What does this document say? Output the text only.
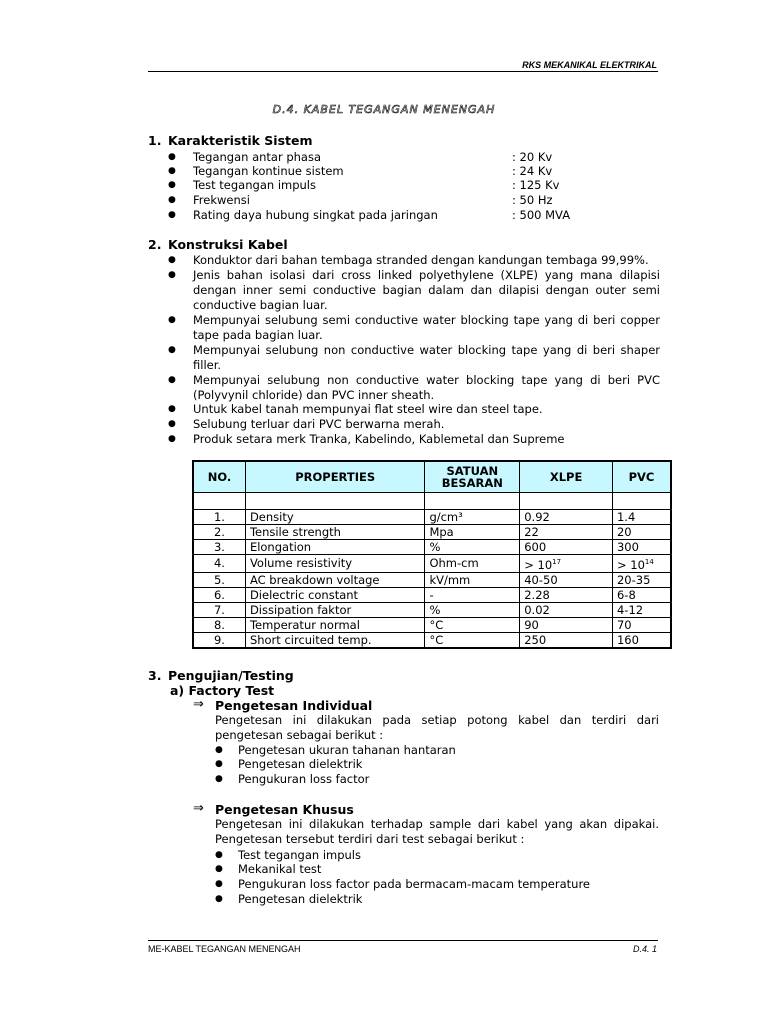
RKS MEKANIKAL ELEKTRIKAL
D.4. KABEL TEGANGAN MENENGAH
1. Karakteristik Sistem
● Tegangan antar phasa	: 20 Kv
● Tegangan kontinue sistem	: 24 Kv
● Test tegangan impuls	: 125 Kv
● Frekwensi	: 50 Hz
● Rating daya hubung singkat pada jaringan	: 500 MVA
2. Konstruksi Kabel
● Konduktor dari bahan tembaga stranded dengan kandungan tembaga 99,99%.
● Jenis bahan isolasi dari cross linked polyethylene (XLPE) yang mana dilapisi dengan inner semi conductive bagian dalam dan dilapisi dengan outer semi conductive bagian luar.
● Mempunyai selubung semi conductive water blocking tape yang di beri copper tape pada bagian luar.
● Mempunyai selubung non conductive water blocking tape yang di beri shaper filler.
● Mempunyai selubung non conductive water blocking tape yang di beri PVC (Polyvynil chloride) dan PVC inner sheath.
● Untuk kabel tanah mempunyai flat steel wire dan steel tape.
● Selubung terluar dari PVC berwarna merah.
● Produk setara merk Tranka, Kabelindo, Kablemetal dan Supreme
NO.	PROPERTIES	SATUAN BESARAN	XLPE	PVC

1.	Density	g/cm³	0.92	1.4
2.	Tensile strength	Mpa	22	20
3.	Elongation	%	600	300
4.	Volume resistivity	Ohm-cm	> $10^{17}$	> $10^{14}$
5.	AC breakdown voltage	kV/mm	40-50	20-35
6.	Dielectric constant	-	2.28	6-8
7.	Dissipation faktor	%	0.02	4-12
8.	Temperatur normal	°C	90	70
9.	Short circuited temp.	°C	250	160
3. Pengujian/Testing
a) Factory Test
⇒ Pengetesan Individual
Pengetesan ini dilakukan pada setiap potong kabel dan terdiri dari pengetesan sebagai berikut :
● Pengetesan ukuran tahanan hantaran
● Pengetesan dielektrik
● Pengukuran loss factor
⇒ Pengetesan Khusus
Pengetesan ini dilakukan terhadap sample dari kabel yang akan dipakai. Pengetesan tersebut terdiri dari test sebagai berikut :
● Test tegangan impuls
● Mekanikal test
● Pengukuran loss factor pada bermacam-macam temperature
● Pengetesan dielektrik
ME-KABEL TEGANGAN MENENGAH	D.4. 1
